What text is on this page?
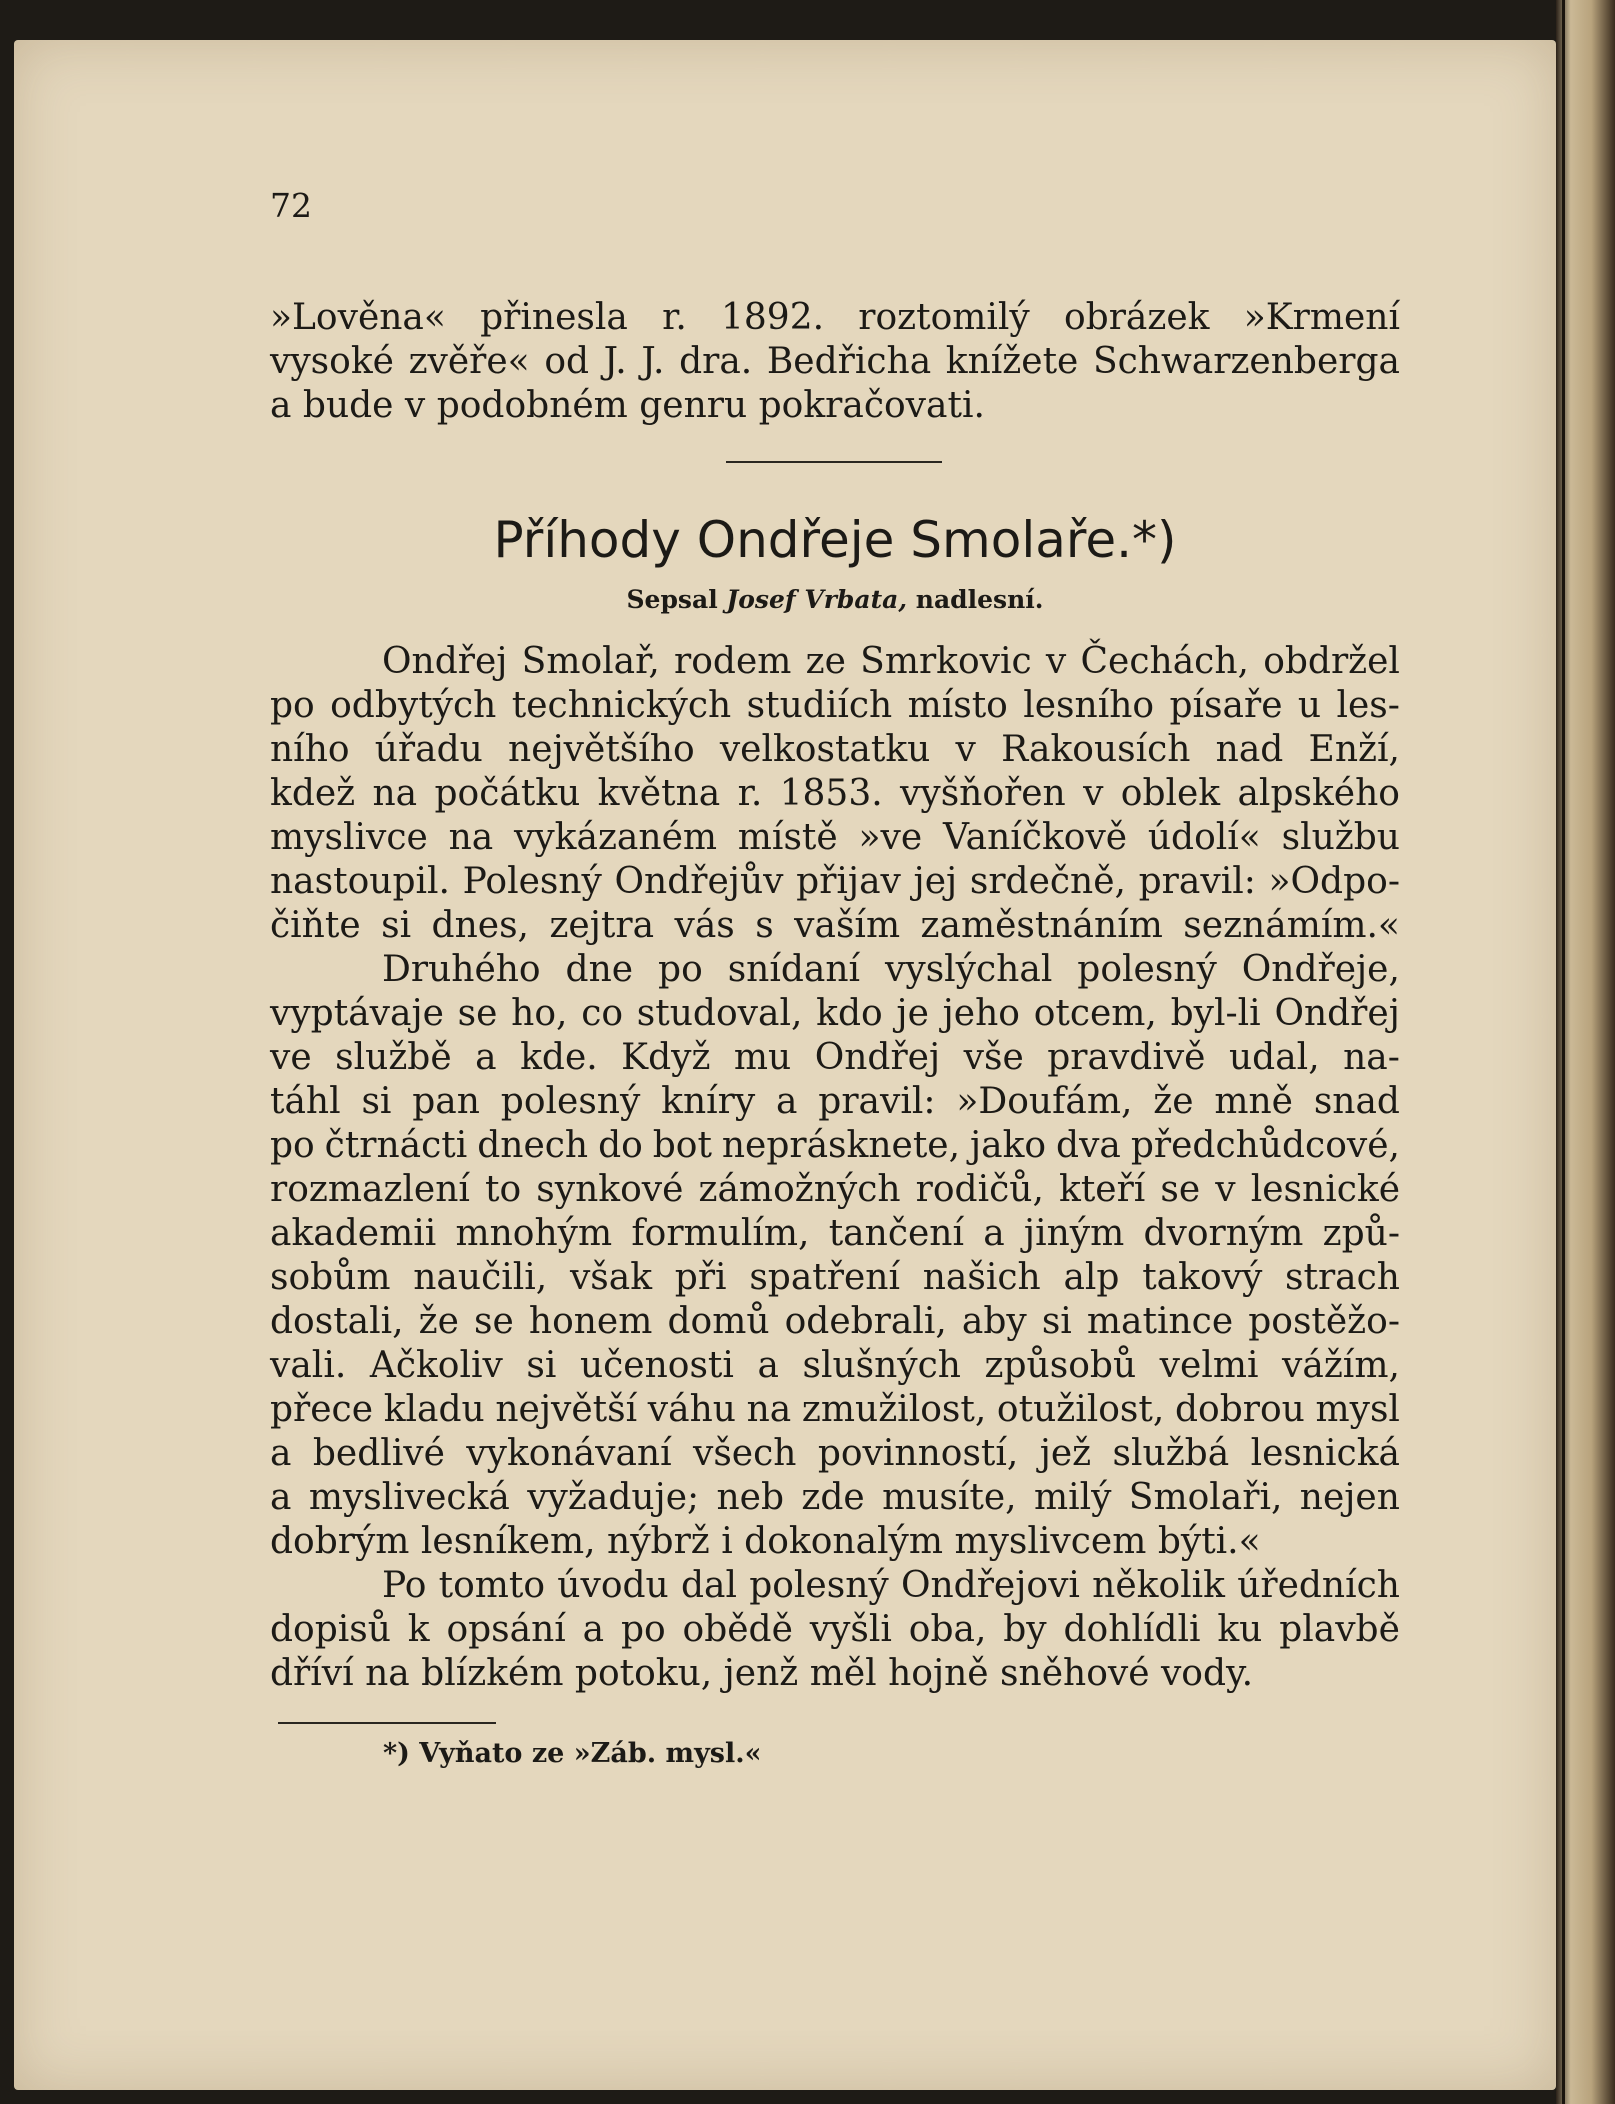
72
»Lověna« přinesla r. 1892. roztomilý obrázek »Krmení
vysoké zvěře« od J. J. dra. Bedřicha knížete Schwarzenberga
a bude v podobném genru pokračovati.
Příhody Ondřeje Smolaře.*)
Sepsal Josef Vrbata, nadlesní.
Ondřej Smolař, rodem ze Smrkovic v Čechách, obdržel
po odbytých technických studiích místo lesního písaře u les-
ního úřadu největšího velkostatku v Rakousích nad Enží,
kdež na počátku května r. 1853. vyšňořen v oblek alpského
myslivce na vykázaném místě »ve Vaníčkově údolí« službu
nastoupil. Polesný Ondřejův přijav jej srdečně, pravil: »Odpo-
čiňte si dnes, zejtra vás s vaším zaměstnáním seznámím.«
Druhého dne po snídaní vyslýchal polesný Ondřeje,
vyptávaje se ho, co studoval, kdo je jeho otcem, byl-li Ondřej
ve službě a kde. Když mu Ondřej vše pravdivě udal, na-
táhl si pan polesný kníry a pravil: »Doufám, že mně snad
po čtrnácti dnech do bot neprásknete, jako dva předchůdcové,
rozmazlení to synkové zámožných rodičů, kteří se v lesnické
akademii mnohým formulím, tančení a jiným dvorným způ-
sobům naučili, však při spatření našich alp takový strach
dostali, že se honem domů odebrali, aby si matince postěžo-
vali. Ačkoliv si učenosti a slušných způsobů velmi vážím,
přece kladu největší váhu na zmužilost, otužilost, dobrou mysl
a bedlivé vykonávaní všech povinností, jež službá lesnická
a myslivecká vyžaduje; neb zde musíte, milý Smolaři, nejen
dobrým lesníkem, nýbrž i dokonalým myslivcem býti.«
Po tomto úvodu dal polesný Ondřejovi několik úředních
dopisů k opsání a po obědě vyšli oba, by dohlídli ku plavbě
dříví na blízkém potoku, jenž měl hojně sněhové vody.
*) Vyňato ze »Záb. mysl.«
